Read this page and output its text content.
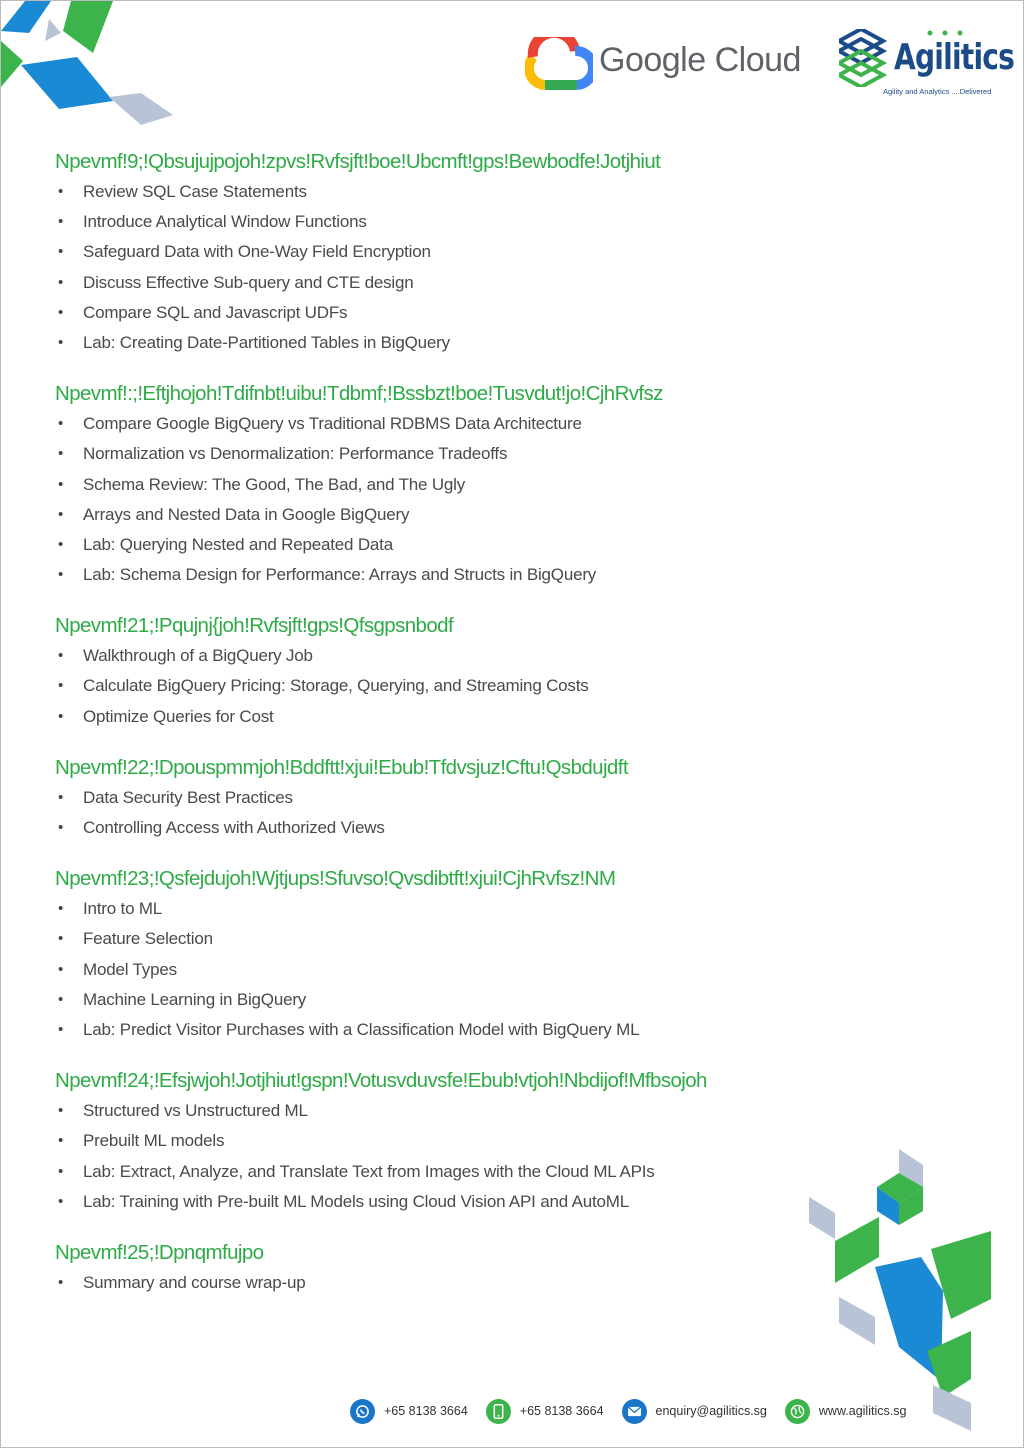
Google Cloud	Agilitics
Agility and Analytics ....Delivered
Npevmf!9;!Qbsujujpojoh!zpvs!Rvfsjft!boe!Ubcmft!gps!Bewbodfe!Jotjhiut
• Review SQL Case Statements
• Introduce Analytical Window Functions
• Safeguard Data with One-Way Field Encryption
• Discuss Effective Sub-query and CTE design
• Compare SQL and Javascript UDFs
• Lab: Creating Date-Partitioned Tables in BigQuery
Npevmf!:;!Eftjhojoh!Tdifnbt!uibu!Tdbmf;!Bssbzt!boe!Tusvdut!jo!CjhRvfsz
• Compare Google BigQuery vs Traditional RDBMS Data Architecture
• Normalization vs Denormalization: Performance Tradeoffs
• Schema Review: The Good, The Bad, and The Ugly
• Arrays and Nested Data in Google BigQuery
• Lab: Querying Nested and Repeated Data
• Lab: Schema Design for Performance: Arrays and Structs in BigQuery
Npevmf!21;!Pqujnj{joh!Rvfsjft!gps!Qfsgpsnbodf
• Walkthrough of a BigQuery Job
• Calculate BigQuery Pricing: Storage, Querying, and Streaming Costs
• Optimize Queries for Cost
Npevmf!22;!Dpouspmmjoh!Bddftt!xjui!Ebub!Tfdvsjuz!Cftu!Qsbdujdft
• Data Security Best Practices
• Controlling Access with Authorized Views
Npevmf!23;!Qsfejdujoh!Wjtjups!Sfuvso!Qvsdibtft!xjui!CjhRvfsz!NM
• Intro to ML
• Feature Selection
• Model Types
• Machine Learning in BigQuery
• Lab: Predict Visitor Purchases with a Classification Model with BigQuery ML
Npevmf!24;!Efsjwjoh!Jotjhiut!gspn!Votusvduvsfe!Ebub!vtjoh!Nbdijof!Mfbsojoh
• Structured vs Unstructured ML
• Prebuilt ML models
• Lab: Extract, Analyze, and Translate Text from Images with the Cloud ML APIs
• Lab: Training with Pre-built ML Models using Cloud Vision API and AutoML
Npevmf!25;!Dpnqmfujpo
• Summary and course wrap-up
+65 8138 3664	+65 8138 3664	enquiry@agilitics.sg	www.agilitics.sg
